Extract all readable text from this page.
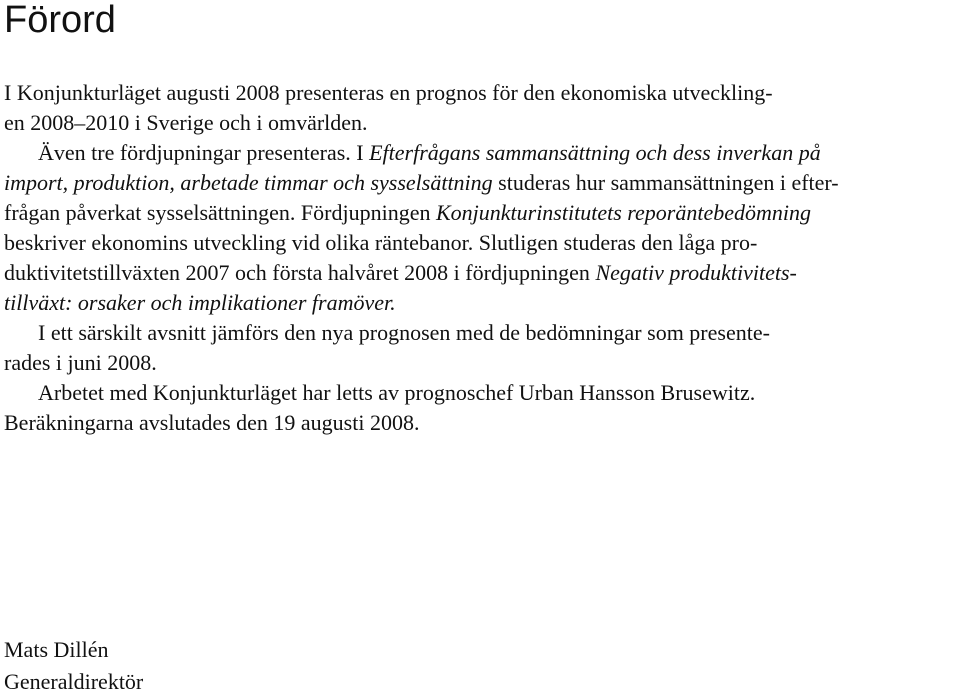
Förord
I Konjunkturläget augusti 2008 presenteras en prognos för den ekonomiska utveckling-
en 2008–2010 i Sverige och i omvärlden.
Även tre fördjupningar presenteras. I Efterfrågans sammansättning och dess inverkan på
import, produktion, arbetade timmar och sysselsättning studeras hur sammansättningen i efter-
frågan påverkat sysselsättningen. Fördjupningen Konjunkturinstitutets reporäntebedömning
beskriver ekonomins utveckling vid olika räntebanor. Slutligen studeras den låga pro-
duktivitetstillväxten 2007 och första halvåret 2008 i fördjupningen Negativ produktivitets-
tillväxt: orsaker och implikationer framöver.
I ett särskilt avsnitt jämförs den nya prognosen med de bedömningar som presente-
rades i juni 2008.
Arbetet med Konjunkturläget har letts av prognoschef Urban Hansson Brusewitz.
Beräkningarna avslutades den 19 augusti 2008.
Mats Dillén
Generaldirektör
